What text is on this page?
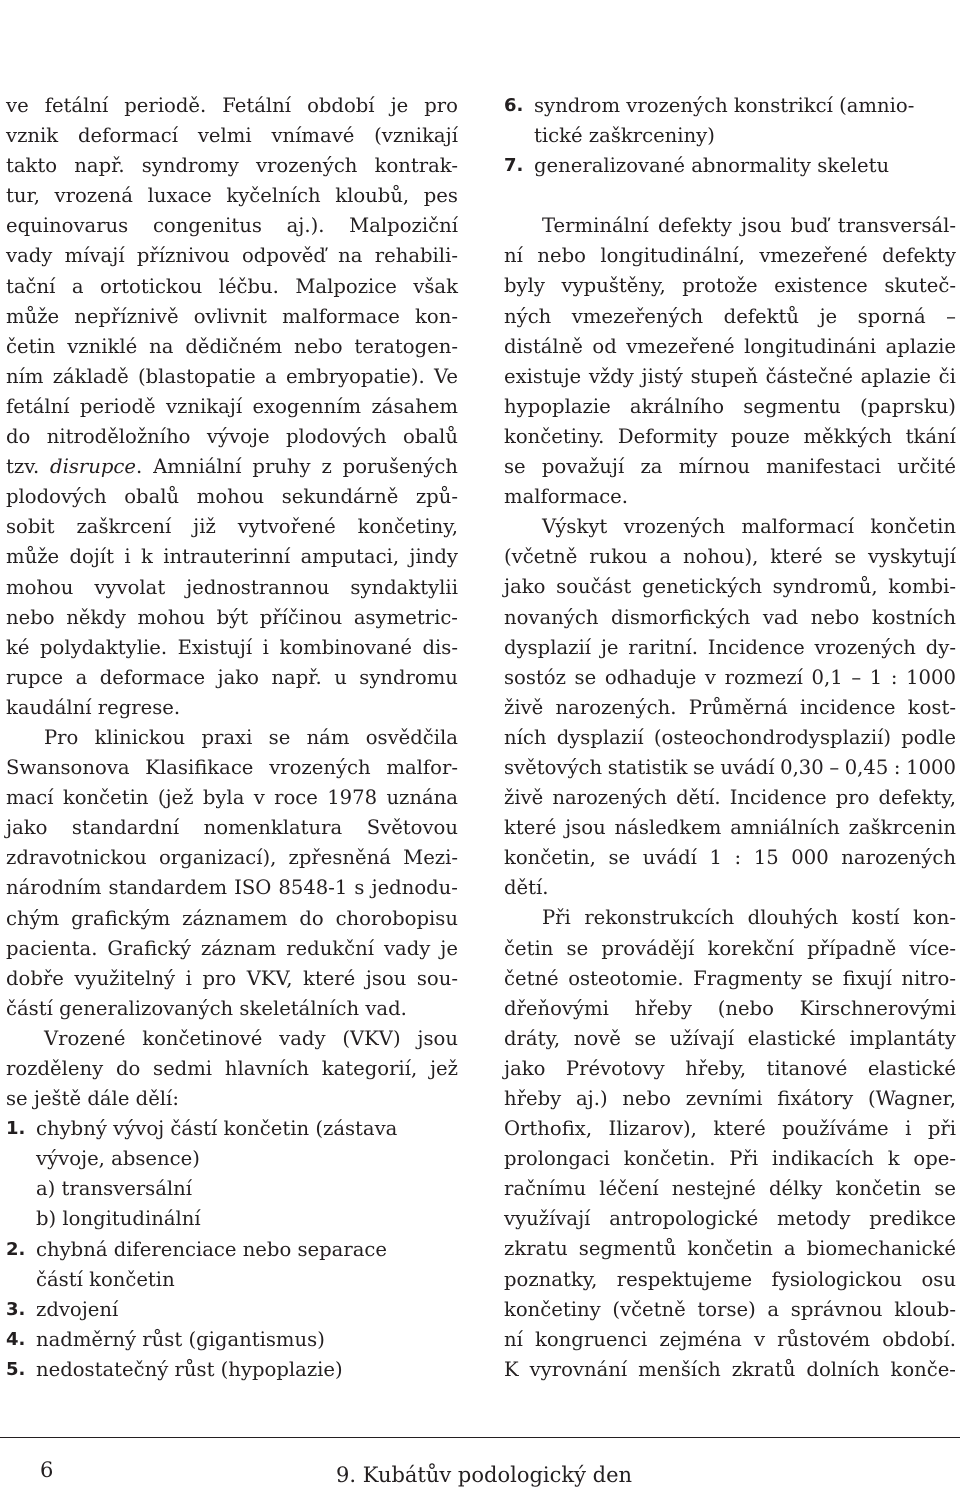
ve fetální periodě. Fetální období je pro
vznik deformací velmi vnímavé (vznikají
takto např. syndromy vrozených kontrak-
tur, vrozená luxace kyčelních kloubů, pes
equinovarus congenitus aj.). Malpoziční
vady mívají příznivou odpověď na rehabili-
tační a ortotickou léčbu. Malpozice však
může nepříznivě ovlivnit malformace kon-
četin vzniklé na dědičném nebo teratogen-
ním základě (blastopatie a embryopatie). Ve
fetální periodě vznikají exogenním zásahem
do nitroděložního vývoje plodových obalů
tzv. disrupce. Amniální pruhy z porušených
plodových obalů mohou sekundárně způ-
sobit zaškrcení již vytvořené končetiny,
může dojít i k intrauterinní amputaci, jindy
mohou vyvolat jednostrannou syndaktylii
nebo někdy mohou být příčinou asymetric-
ké polydaktylie. Existují i kombinované dis-
rupce a deformace jako např. u syndromu
kaudální regrese.
Pro klinickou praxi se nám osvědčila
Swansonova Klasifikace vrozených malfor-
mací končetin (jež byla v roce 1978 uznána
jako standardní nomenklatura Světovou
zdravotnickou organizací), zpřesněná Mezi-
národním standardem ISO 8548-1 s jednodu-
chým grafickým záznamem do chorobopisu
pacienta. Grafický záznam redukční vady je
dobře využitelný i pro VKV, které jsou sou-
částí generalizovaných skeletálních vad.
Vrozené končetinové vady (VKV) jsou
rozděleny do sedmi hlavních kategorií, jež
se ještě dále dělí:
1. chybný vývoj částí končetin (zástava
vývoje, absence)
a) transversální
b) longitudinální
2. chybná diferenciace nebo separace
částí končetin
3. zdvojení
4. nadměrný růst (gigantismus)
5. nedostatečný růst (hypoplazie)
6. syndrom vrozených konstrikcí (amnio-
tické zaškrceniny)
7. generalizované abnormality skeletu
Terminální defekty jsou buď transversál-
ní nebo longitudinální, vmezeřené defekty
byly vypuštěny, protože existence skuteč-
ných vmezeřených defektů je sporná –
distálně od vmezeřené longitudináni aplazie
existuje vždy jistý stupeň částečné aplazie či
hypoplazie akrálního segmentu (paprsku)
končetiny. Deformity pouze měkkých tkání
se považují za mírnou manifestaci určité
malformace.
Výskyt vrozených malformací končetin
(včetně rukou a nohou), které se vyskytují
jako součást genetických syndromů, kombi-
novaných dismorfických vad nebo kostních
dysplazií je raritní. Incidence vrozených dy-
sostóz se odhaduje v rozmezí 0,1 – 1 : 1000
živě narozených. Průměrná incidence kost-
ních dysplazií (osteochondrodysplazií) podle
světových statistik se uvádí 0,30 – 0,45 : 1000
živě narozených dětí. Incidence pro defekty,
které jsou následkem amniálních zaškrcenin
končetin, se uvádí 1 : 15 000 narozených
dětí.
Při rekonstrukcích dlouhých kostí kon-
četin se provádějí korekční případně více-
četné osteotomie. Fragmenty se fixují nitro-
dřeňovými hřeby (nebo Kirschnerovými
dráty, nově se užívají elastické implantáty
jako Prévotovy hřeby, titanové elastické
hřeby aj.) nebo zevními fixátory (Wagner,
Orthofix, Ilizarov), které používáme i při
prolongaci končetin. Při indikacích k ope-
račnímu léčení nestejné délky končetin se
využívají antropologické metody predikce
zkratu segmentů končetin a biomechanické
poznatky, respektujeme fysiologickou osu
končetiny (včetně torse) a správnou kloub-
ní kongruenci zejména v růstovém období.
K vyrovnání menších zkratů dolních konče-
6	9. Kubátův podologický den
